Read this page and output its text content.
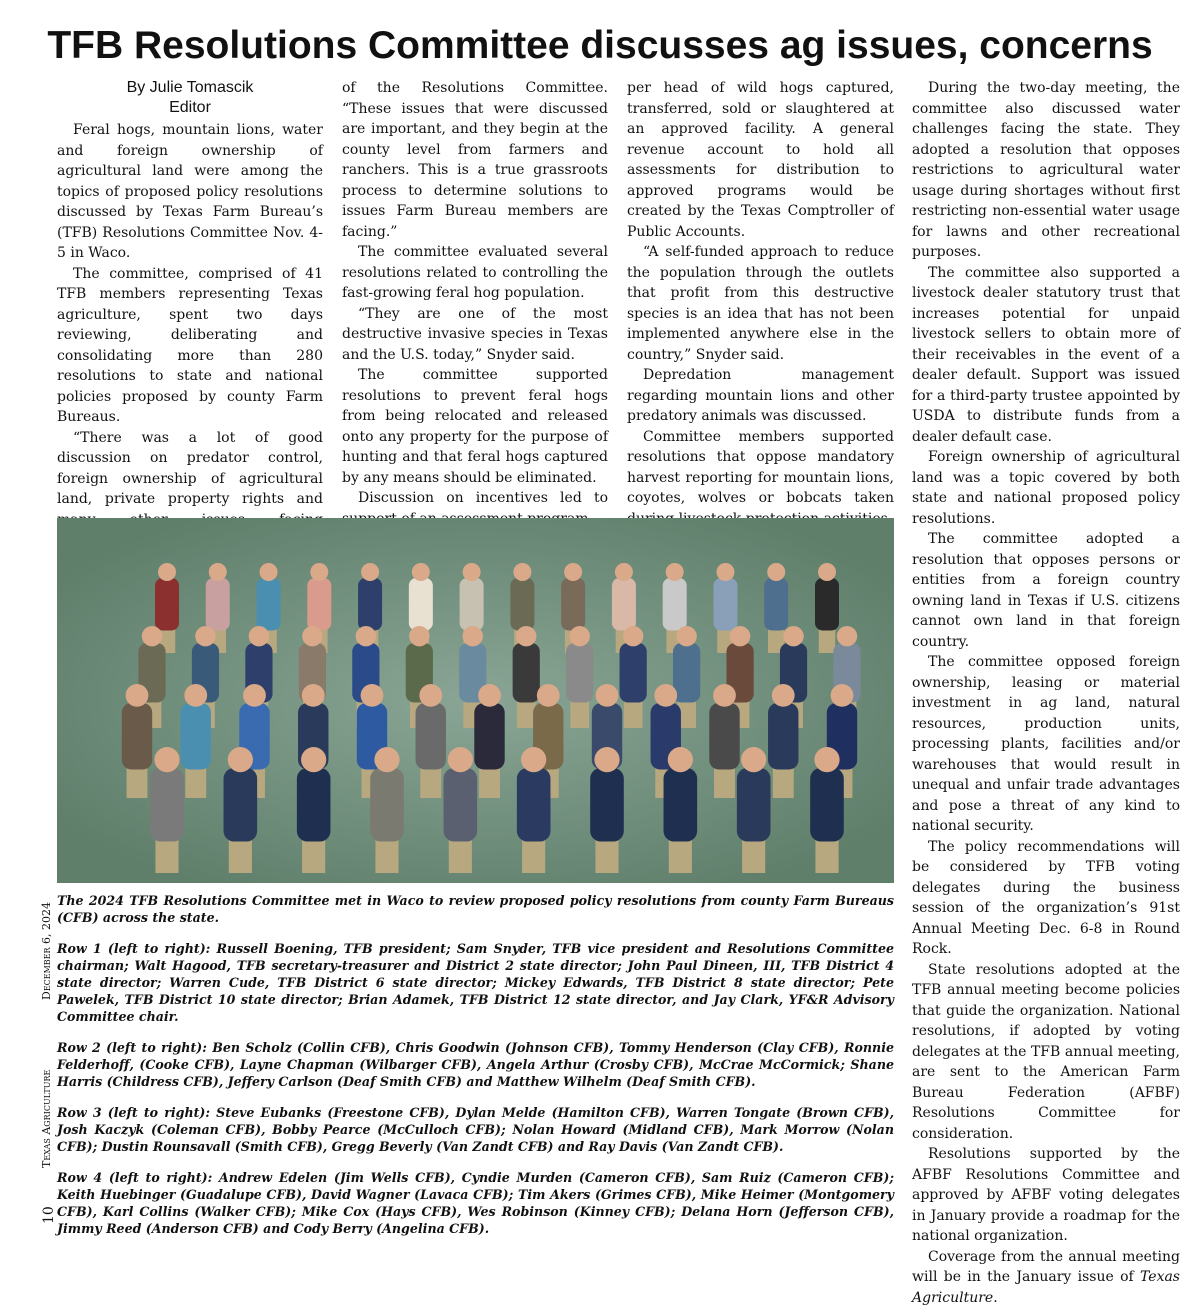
TFB Resolutions Committee discusses ag issues, concerns
By Julie Tomascik
Editor

Feral hogs, mountain lions, water and foreign ownership of agricultural land were among the topics of proposed policy resolutions discussed by Texas Farm Bureau’s (TFB) Resolutions Committee Nov. 4-5 in Waco.

The committee, comprised of 41 TFB members representing Texas agriculture, spent two days reviewing, deliberating and consolidating more than 280 resolutions to state and national policies proposed by county Farm Bureaus.

“There was a lot of good discussion on predator control, foreign ownership of agricultural land, private property rights and

of the Resolutions Committee. “These issues that were discussed are important, and they begin at the county level from farmers and ranchers. This is a true grassroots process to determine solutions to issues Farm Bureau members are facing.”

The committee evaluated several resolutions related to controlling the fast-growing feral hog population.

“They are one of the most destructive invasive species in Texas and the U.S. today,” Snyder said.

The committee supported resolutions to prevent feral hogs from being relocated and released onto any property for the purpose of hunting and that feral hogs captured by any means should be eliminated.

Discussion on incentives led to

per head of wild hogs captured, transferred, sold or slaughtered at an approved facility. A general revenue account to hold all assessments for distribution to approved programs would be created by the Texas Comptroller of Public Accounts.

“A self-funded approach to reduce the population through the outlets that profit from this destructive species is an idea that has not been implemented anywhere else in the country,” Snyder said.

Depredation management regarding mountain lions and other predatory animals was discussed.

Committee members supported resolutions that oppose mandatory harvest reporting for mountain lions, coyotes, wolves or bobcats taken

During the two-day meeting, the committee also discussed water challenges facing the state. They adopted a resolution that opposes restrictions to agricultural water usage during shortages without first restricting non-essential water usage for lawns and other recreational purposes.

The committee also supported a livestock dealer statutory trust that increases potential for unpaid livestock sellers to obtain more of their receivables in the event of a dealer default. Support was issued for a third-party trustee appointed by USDA to distribute funds from a dealer default case.

Foreign ownership of agricultural land was a topic covered by both state and national proposed policy resolutions.

The committee adopted a resolution that opposes persons or entities from a foreign country owning land in Texas if U.S. citizens cannot own land in that foreign country.

The committee opposed foreign ownership, leasing or material investment in ag land, natural resources, production units, processing plants, facilities and/or warehouses that would result in unequal and unfair trade advantages and pose a threat of any kind to national security.

The policy recommendations will be considered by TFB voting delegates during the business session of the organization’s 91st Annual Meeting Dec. 6-8 in Round Rock.

State resolutions adopted at the TFB annual meeting become policies that guide the organization. National resolutions, if adopted by voting delegates at the TFB annual meeting, are sent to the American Farm Bureau Federation (AFBF) Resolutions Committee for consideration.

Resolutions supported by the AFBF Resolutions Committee and approved by AFBF voting delegates in January provide a roadmap for the national organization.

Coverage from the annual meeting will be in the January issue of Texas Agriculture.

The 2024 TFB Resolutions Committee met in Waco to review proposed policy resolutions from county Farm Bureaus (CFB) across the state.

Row 1 (left to right): Russell Boening, TFB president; Sam Snyder, TFB vice president and Resolutions Committee chairman; Walt Hagood, TFB secretary-treasurer and District 2 state director; John Paul Dineen, III, TFB District 4 state director; Warren Cude, TFB District 6 state director; Mickey Edwards, TFB District 8 state director; Pete Pawelek, TFB District 10 state director; Brian Adamek, TFB District 12 state director, and Jay Clark, YF&R Advisory Committee chair.

Row 2 (left to right): Ben Scholz (Collin CFB), Chris Goodwin (Johnson CFB), Tommy Henderson (Clay CFB), Ronnie Felderhoff, (Cooke CFB), Layne Chapman (Wilbarger CFB), Angela Arthur (Crosby CFB), McCrae McCormick; Shane Harris (Childress CFB), Jeffery Carlson (Deaf Smith CFB) and Matthew Wilhelm (Deaf Smith CFB).

Row 3 (left to right): Steve Eubanks (Freestone CFB), Dylan Melde (Hamilton CFB), Warren Tongate (Brown CFB), Josh Kaczyk (Coleman CFB), Bobby Pearce (McCulloch CFB); Nolan Howard (Midland CFB), Mark Morrow (Nolan CFB); Dustin Rounsavall (Smith CFB), Gregg Beverly (Van Zandt CFB) and Ray Davis (Van Zandt CFB).

Row 4 (left to right): Andrew Edelen (Jim Wells CFB), Cyndie Murden (Cameron CFB), Sam Ruiz (Cameron CFB); Keith Huebinger (Guadalupe CFB), David Wagner (Lavaca CFB); Tim Akers (Grimes CFB), Mike Heimer (Montgomery CFB), Karl Collins (Walker CFB); Mike Cox (Hays CFB), Wes Robinson (Kinney CFB); Delana Horn (Jefferson CFB), Jimmy Reed (Anderson CFB) and Cody Berry (Angelina CFB).

December 6, 2024
Texas Agriculture
10
